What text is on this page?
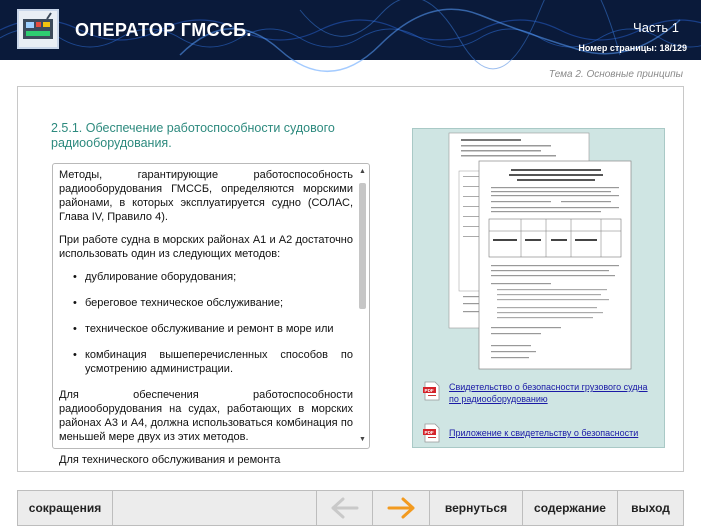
ОПЕРАТОР ГМССБ.	Часть 1
Номер страницы: 18/129
Тема 2. Основные принципы
2.5.1. Обеспечение работоспособности судового радиооборудования.

Методы, гарантирующие работоспособность радиооборудования ГМССБ, определяются морскими районами, в которых эксплуатируется судно (СОЛАС, Глава IV, Правило 4).

При работе судна в морских районах А1 и А2 достаточно использовать один из следующих методов:

• дублирование оборудования;
• береговое техническое обслуживание;
• техническое обслуживание и ремонт в море или
• комбинация вышеперечисленных способов по усмотрению администрации.

Для обеспечения работоспособности радиооборудования на судах, работающих в морских районах А3 и А4, должна использоваться комбинация по меньшей мере двух из этих методов.

Для технического обслуживания и ремонта

▲
▼
PDF Свидетельство о безопасности грузового судна по радиооборудованию
PDF Приложение к свидетельству о безопасности
сокращения	вернуться	содержание	выход
